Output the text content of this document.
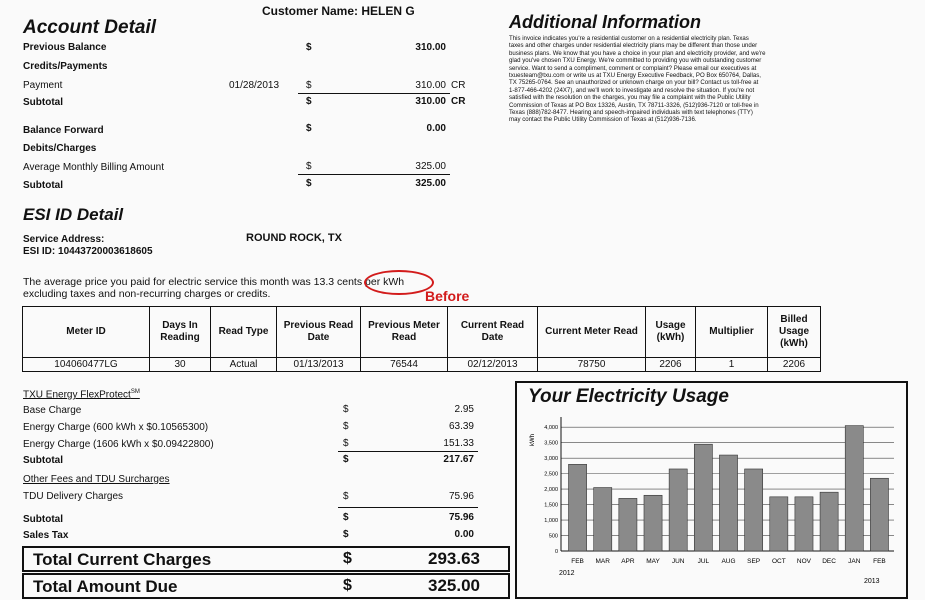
Customer Name: HELEN G
Account Detail
Previous Balance	$	310.00
Credits/Payments
Payment	01/28/2013	$	310.00 CR
Subtotal	$	310.00 CR
Balance Forward	$	0.00
Debits/Charges
Average Monthly Billing Amount	$	325.00
Subtotal	$	325.00
Additional Information
This invoice indicates you're a residential customer on a residential electricity plan. Texas
taxes and other charges under residential electricity plans may be different than those under
business plans. We know that you have a choice in your plan and electricity provider, and we're
glad you've chosen TXU Energy. We're committed to providing you with outstanding customer
service. Want to send a compliment, comment or complaint? Please email our executives at
txuesteam@txu.com or write us at TXU Energy Executive Feedback, PO Box 650764, Dallas,
TX 75265-0764. See an unauthorized or unknown charge on your bill? Contact us toll-free at
1-877-466-4202 (24X7), and we'll work to investigate and resolve the situation. If you're not
satisfied with the resolution on the charges, you may file a complaint with the Public Utility
Commission of Texas at PO Box 13326, Austin, TX 78711-3326, (512)936-7120 or toll-free in
Texas (888)782-8477. Hearing and speech-impaired individuals with text telephones (TTY)
may contact the Public Utility Commission of Texas at (512)936-7136.
ESI ID Detail
Service Address:	ROUND ROCK, TX
ESI ID: 10443720003618605
The average price you paid for electric service this month was 13.3 cents per kWh
excluding taxes and non-recurring charges or credits.	Before
Meter ID	Days In Reading	Read Type	Previous Read Date	Previous Meter Read	Current Read Date	Current Meter Read	Usage (kWh)	Multiplier	Billed Usage (kWh)
104060477LG	30	Actual	01/13/2013	76544	02/12/2013	78750	2206	1	2206
TXU Energy FlexProtect℠
Base Charge	$	2.95
Energy Charge (600 kWh x $0.10565300)	$	63.39
Energy Charge (1606 kWh x $0.09422800)	$	151.33
Subtotal	$	217.67
Other Fees and TDU Surcharges
TDU Delivery Charges	$	75.96
Subtotal	$	75.96
Sales Tax	$	0.00
Total Current Charges	$	293.63
Total Amount Due	$	325.00
Your Electricity Usage
kWh
2012
2013
0
500
1,000
1,500
2,000
2,500
3,000
3,500
4,000
FEB MAR APR MAY JUN JUL AUG SEP OCT NOV DEC JAN FEB
